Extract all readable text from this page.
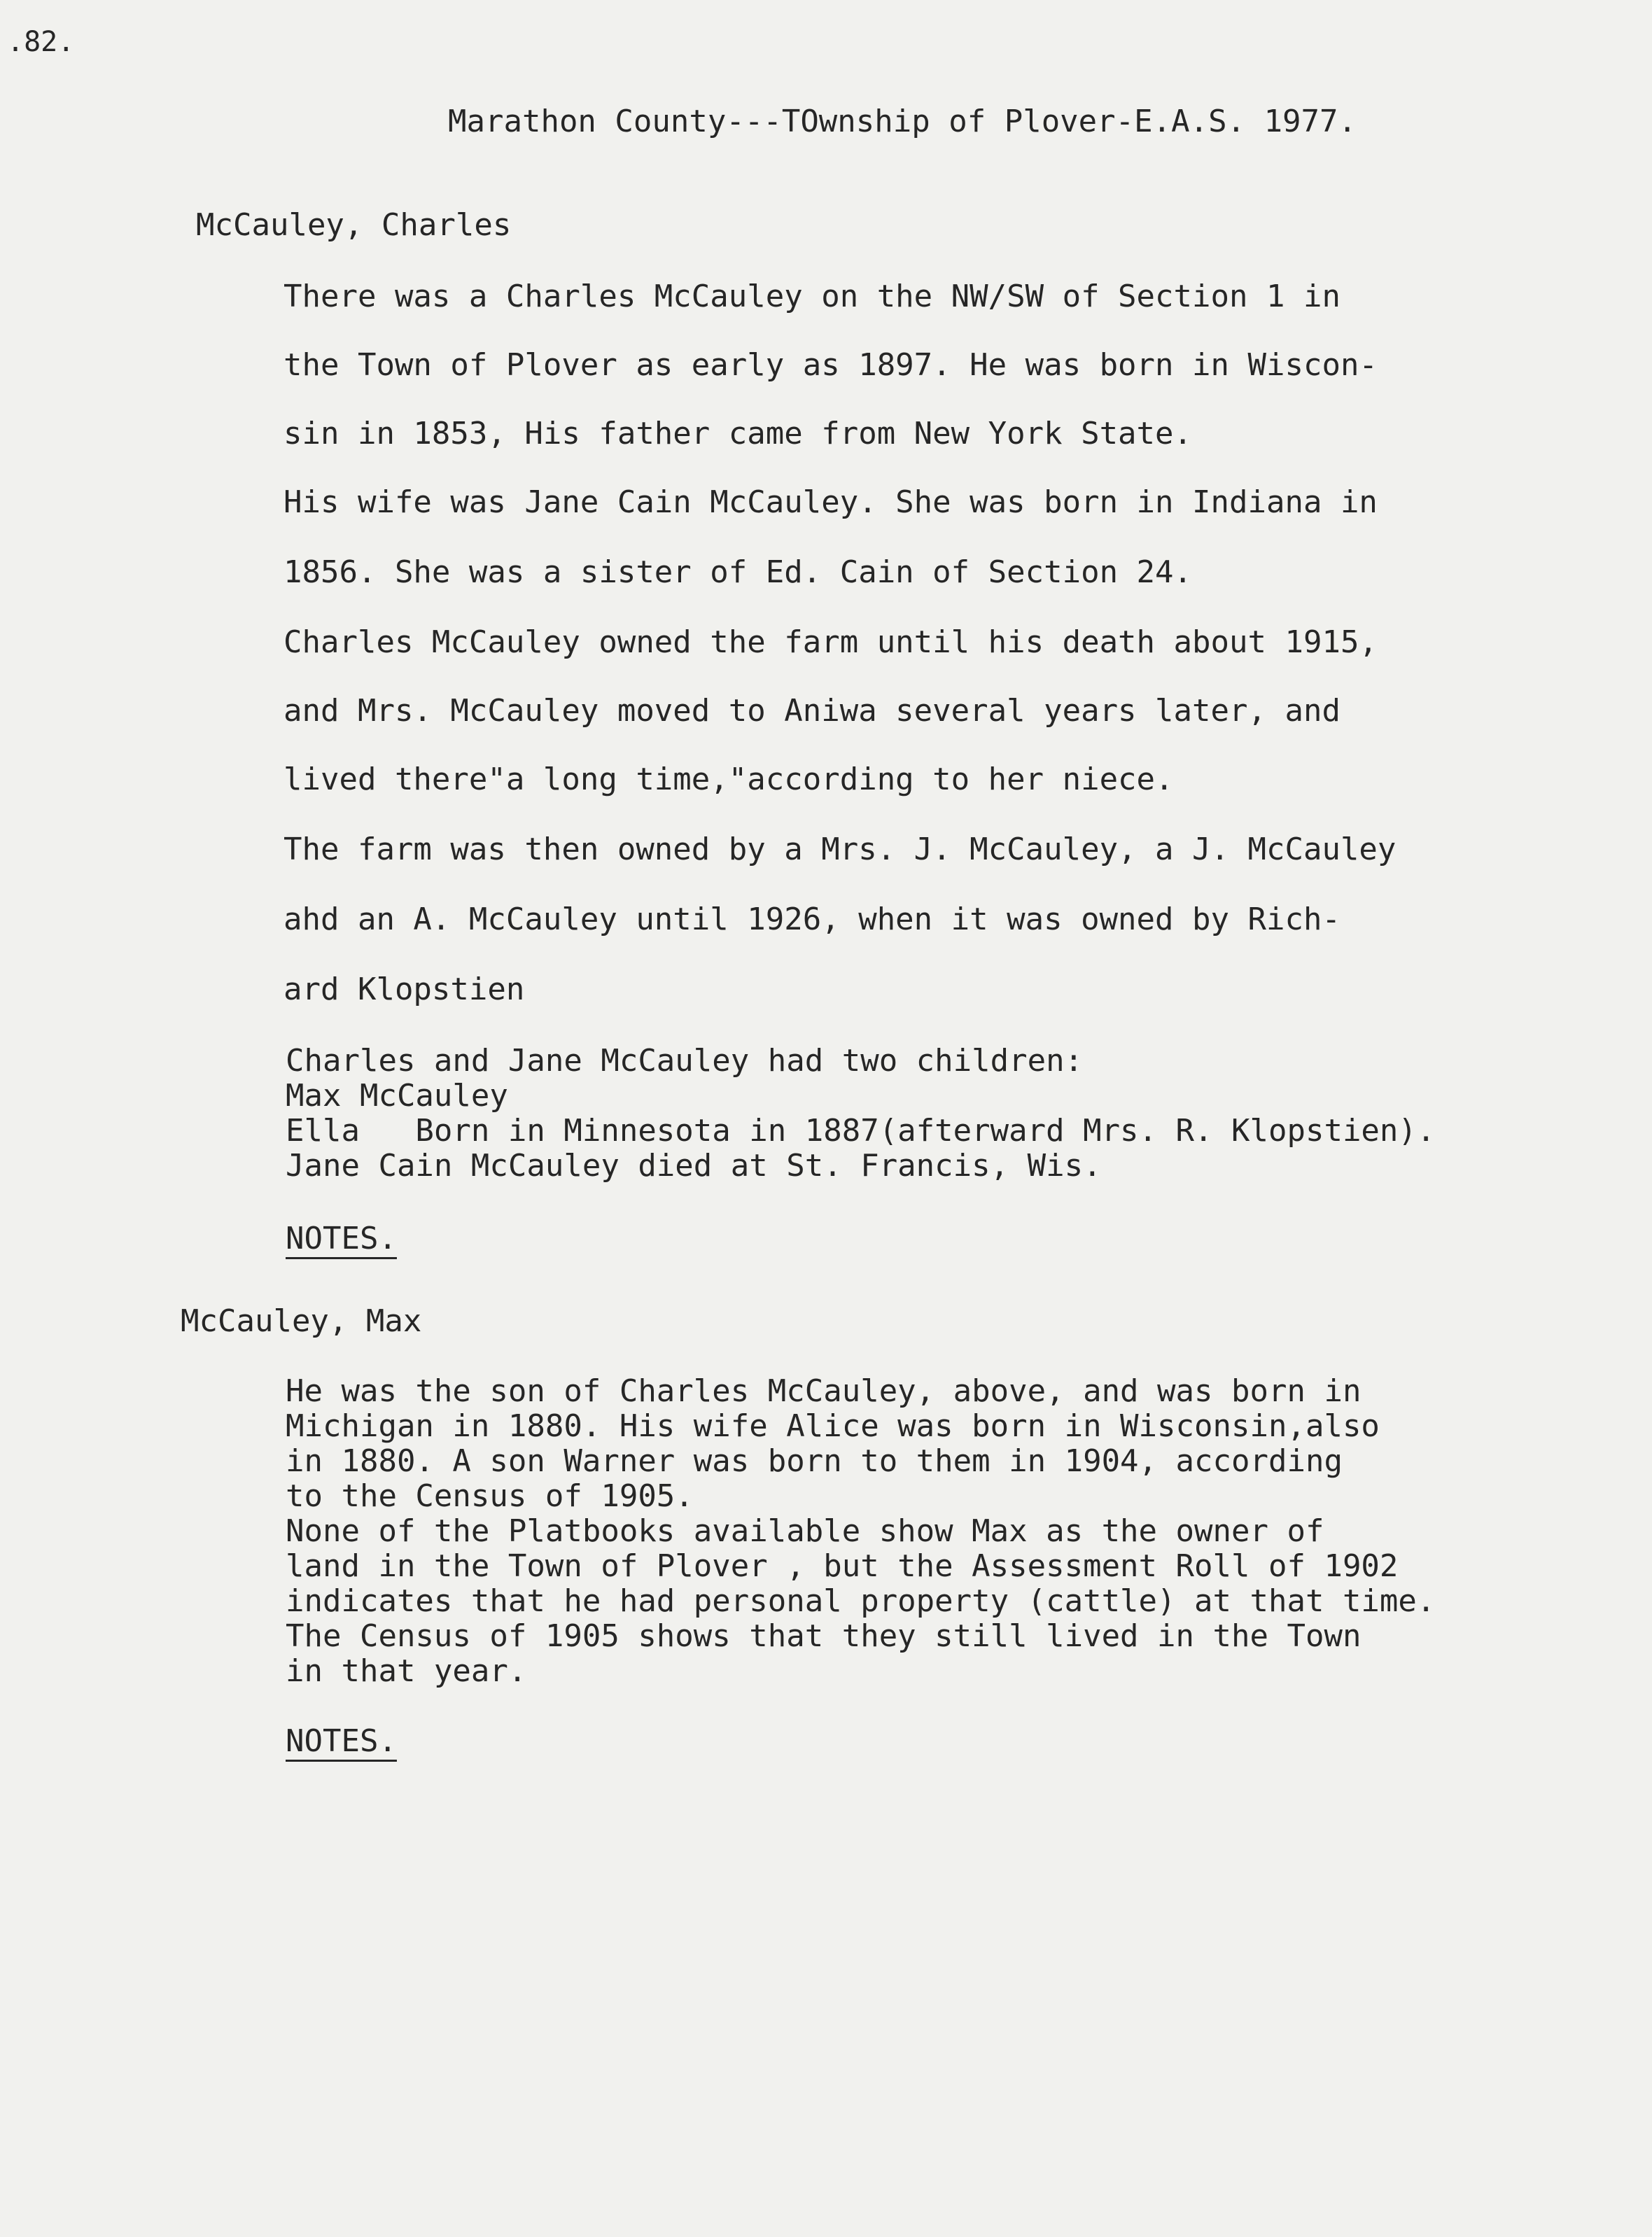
.82.
Marathon County---TOwnship of Plover-E.A.S. 1977.
McCauley, Charles
There was a Charles McCauley on the NW/SW of Section 1 in
the Town of Plover as early as 1897. He was born in Wiscon-
sin in 1853, His father came from New York State.
His wife was Jane Cain McCauley. She was born in Indiana in
1856. She was a sister of Ed. Cain of Section 24.
Charles McCauley owned the farm until his death about 1915,
and Mrs. McCauley moved to Aniwa several years later, and
lived there"a long time,"according to her niece.
The farm was then owned by a Mrs. J. McCauley, a J. McCauley
ahd an A. McCauley until 1926, when it was owned by Rich-
ard Klopstien
Charles and Jane McCauley had two children:
Max McCauley
Ella   Born in Minnesota in 1887(afterward Mrs. R. Klopstien).
Jane Cain McCauley died at St. Francis, Wis.
NOTES.
McCauley, Max
He was the son of Charles McCauley, above, and was born in
Michigan in 1880. His wife Alice was born in Wisconsin,also
in 1880. A son Warner was born to them in 1904, according
to the Census of 1905.
None of the Platbooks available show Max as the owner of
land in the Town of Plover , but the Assessment Roll of 1902
indicates that he had personal property (cattle) at that time.
The Census of 1905 shows that they still lived in the Town
in that year.
NOTES.
